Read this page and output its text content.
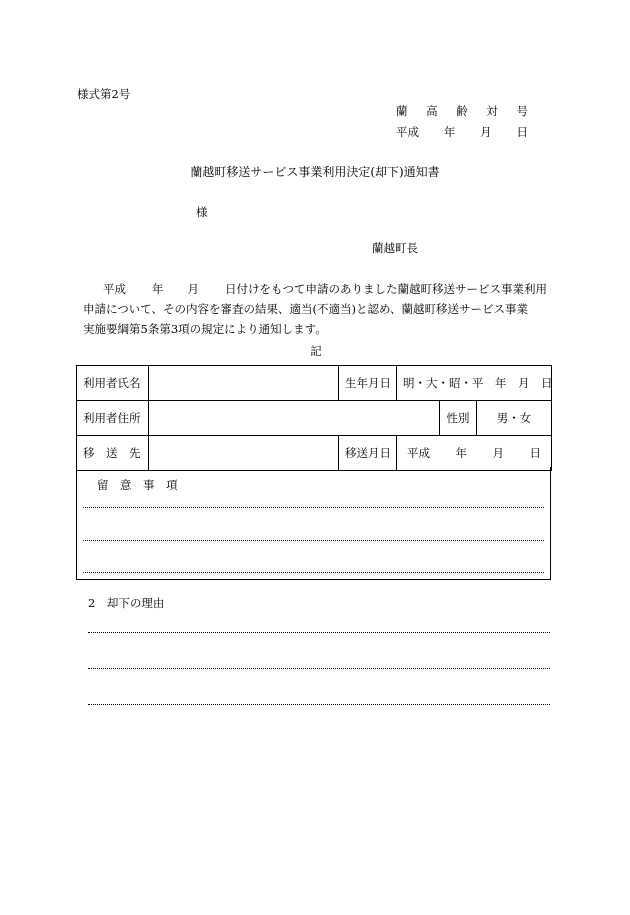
様式第2号
蘭 高 齢 対 号
平成 年 月 日
蘭越町移送サービス事業利用決定(却下)通知書
様
蘭越町長

平成 年 月 日付けをもつて申請のありました蘭越町移送サービス事業利用

申請について、その内容を審査の結果、適当(不適当)と認め、蘭越町移送サービス事業

実施要綱第5条第3項の規定により通知します。

記
利用者氏名		生年月日	明・大・昭・平　年　月　日	
利用者住所				性別 男・女

移　送　先		移送月日	平成 年 月 日	
留　意　事　項
2　却下の理由
